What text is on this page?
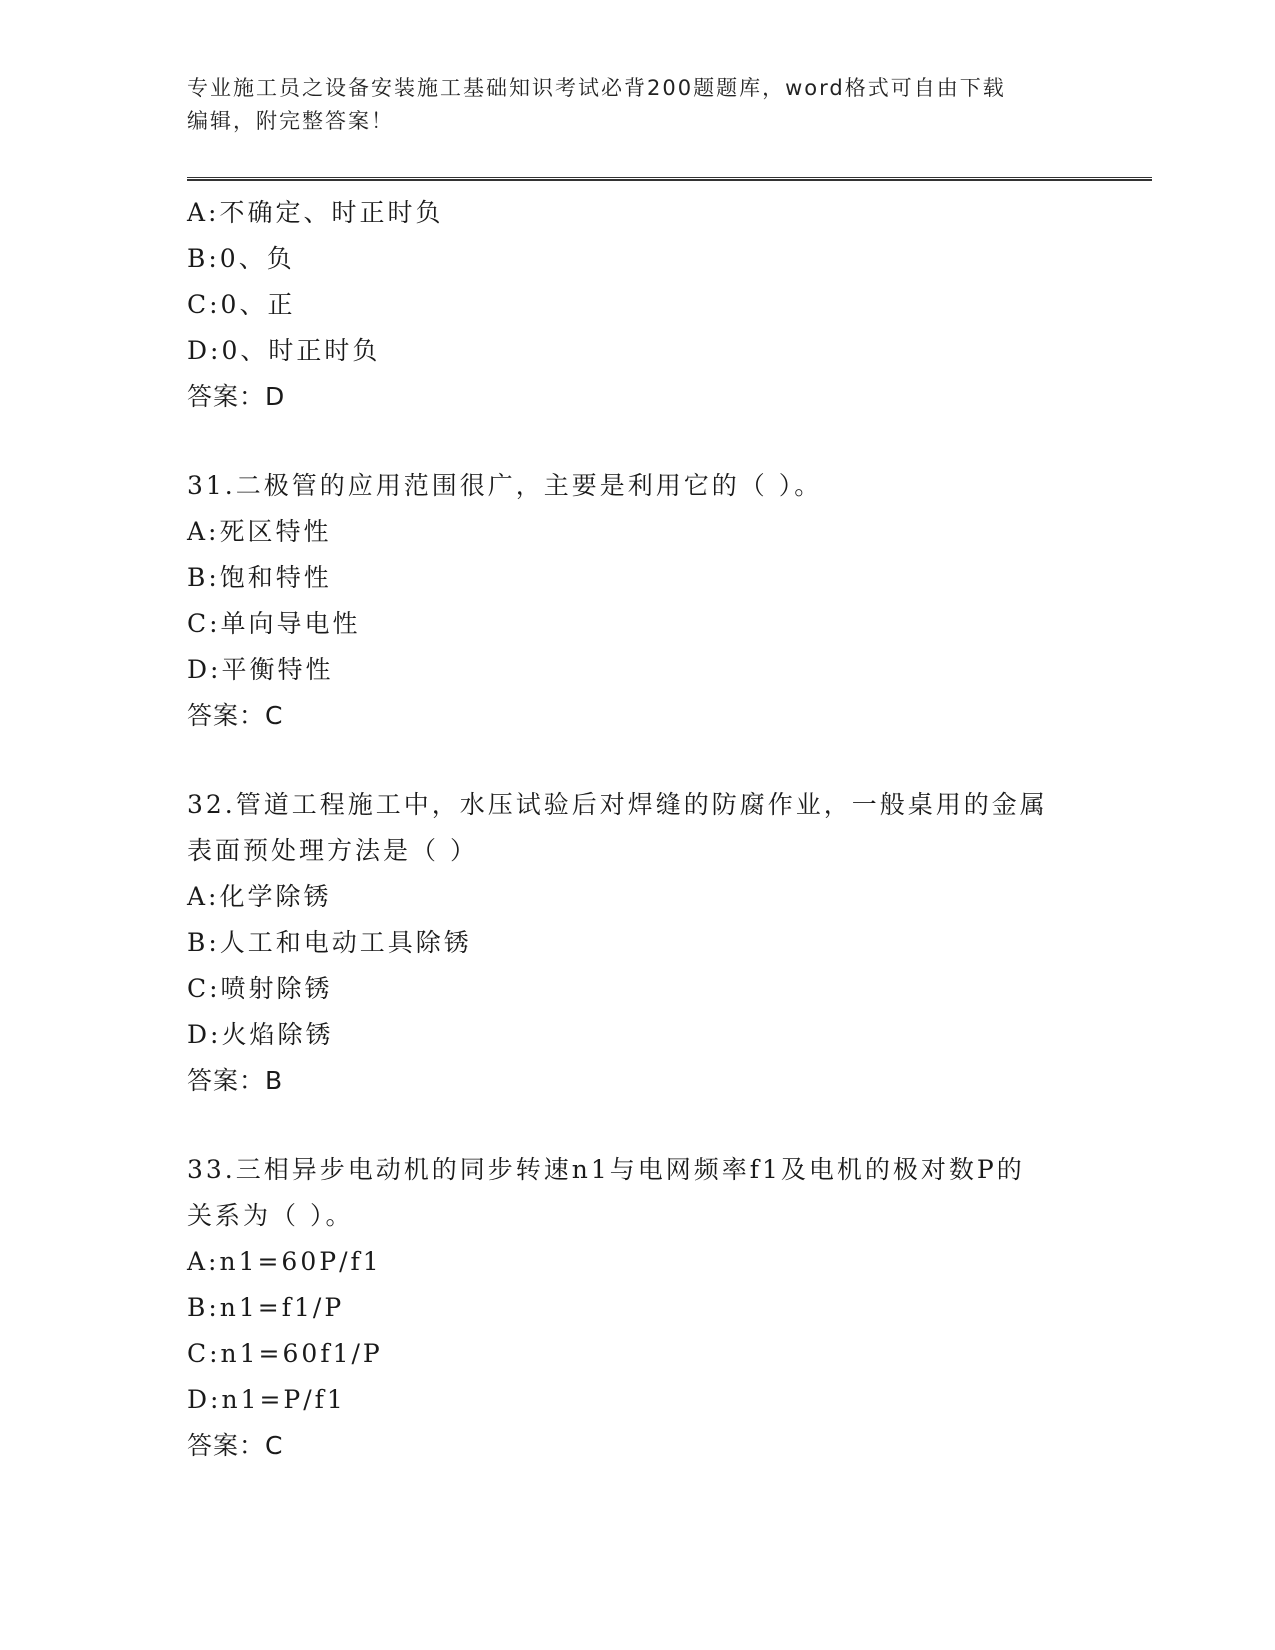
专业施工员之设备安装施工基础知识考试必背200题题库，word格式可自由下载
编辑，附完整答案！
A:不确定、时正时负
B:0、负
C:0、正
D:0、时正时负
答案：D
31.二极管的应用范围很广，主要是利用它的（ ）。
A:死区特性
B:饱和特性
C:单向导电性
D:平衡特性
答案：C
32.管道工程施工中，水压试验后对焊缝的防腐作业，一般桌用的金属
表面预处理方法是（ ）
A:化学除锈
B:人工和电动工具除锈
C:喷射除锈
D:火焰除锈
答案：B
33.三相异步电动机的同步转速n1与电网频率f1及电机的极对数P的
关系为（ ）。
A:n1=60P/f1
B:n1=f1/P
C:n1=60f1/P
D:n1=P/f1
答案：C
